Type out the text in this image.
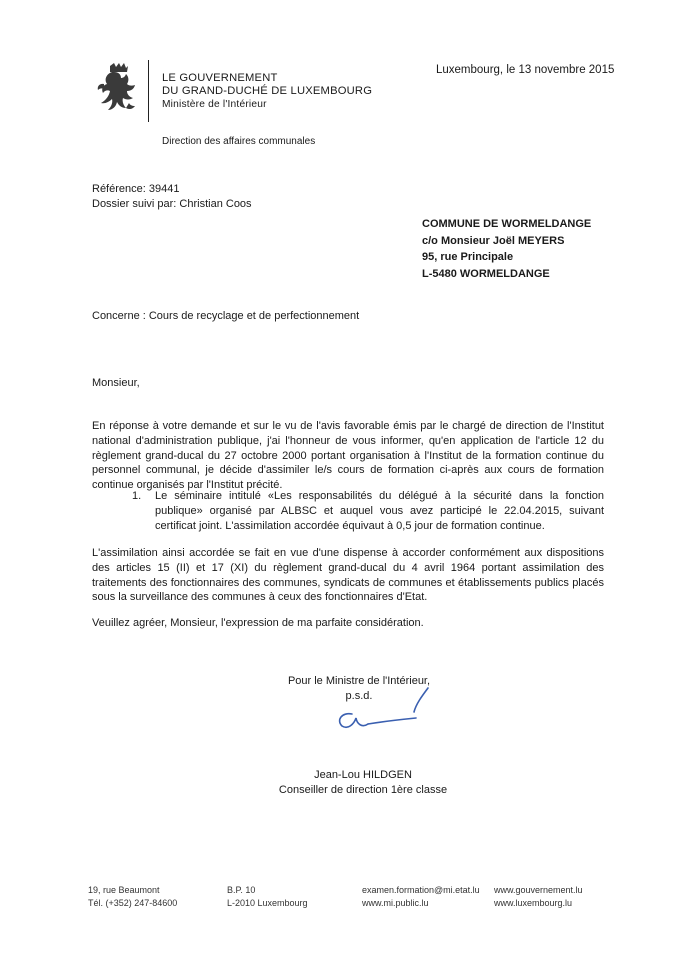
LE GOUVERNEMENT
DU GRAND-DUCHÉ DE LUXEMBOURG
Ministère de l'Intérieur
Direction des affaires communales
Luxembourg, le 13 novembre 2015
Référence: 39441
Dossier suivi par: Christian Coos
COMMUNE DE WORMELDANGE
c/o Monsieur Joël MEYERS
95, rue Principale
L-5480 WORMELDANGE
Concerne : Cours de recyclage et de perfectionnement
Monsieur,
En réponse à votre demande et sur le vu de l'avis favorable émis par le chargé de direction de l'Institut national d'administration publique, j'ai l'honneur de vous informer, qu'en application de l'article 12 du règlement grand-ducal du 27 octobre 2000 portant organisation à l'Institut de la formation continue du personnel communal, je décide d'assimiler le/s cours de formation ci-après aux cours de formation continue organisés par l'Institut précité.
1. Le séminaire intitulé «Les responsabilités du délégué à la sécurité dans la fonction publique» organisé par ALBSC et auquel vous avez participé le 22.04.2015, suivant certificat joint. L'assimilation accordée équivaut à 0,5 jour de formation continue.
L'assimilation ainsi accordée se fait en vue d'une dispense à accorder conformément aux dispositions des articles 15 (II) et 17 (XI) du règlement grand-ducal du 4 avril 1964 portant assimilation des traitements des fonctionnaires des communes, syndicats de communes et établissements publics placés sous la surveillance des communes à ceux des fonctionnaires d'Etat.
Veuillez agréer, Monsieur, l'expression de ma parfaite considération.
Pour le Ministre de l'Intérieur,
p.s.d.
Jean-Lou HILDGEN
Conseiller de direction 1ère classe
19, rue Beaumont
Tél. (+352) 247-84600
B.P. 10
L-2010 Luxembourg
examen.formation@mi.etat.lu
www.mi.public.lu
www.gouvernement.lu
www.luxembourg.lu
